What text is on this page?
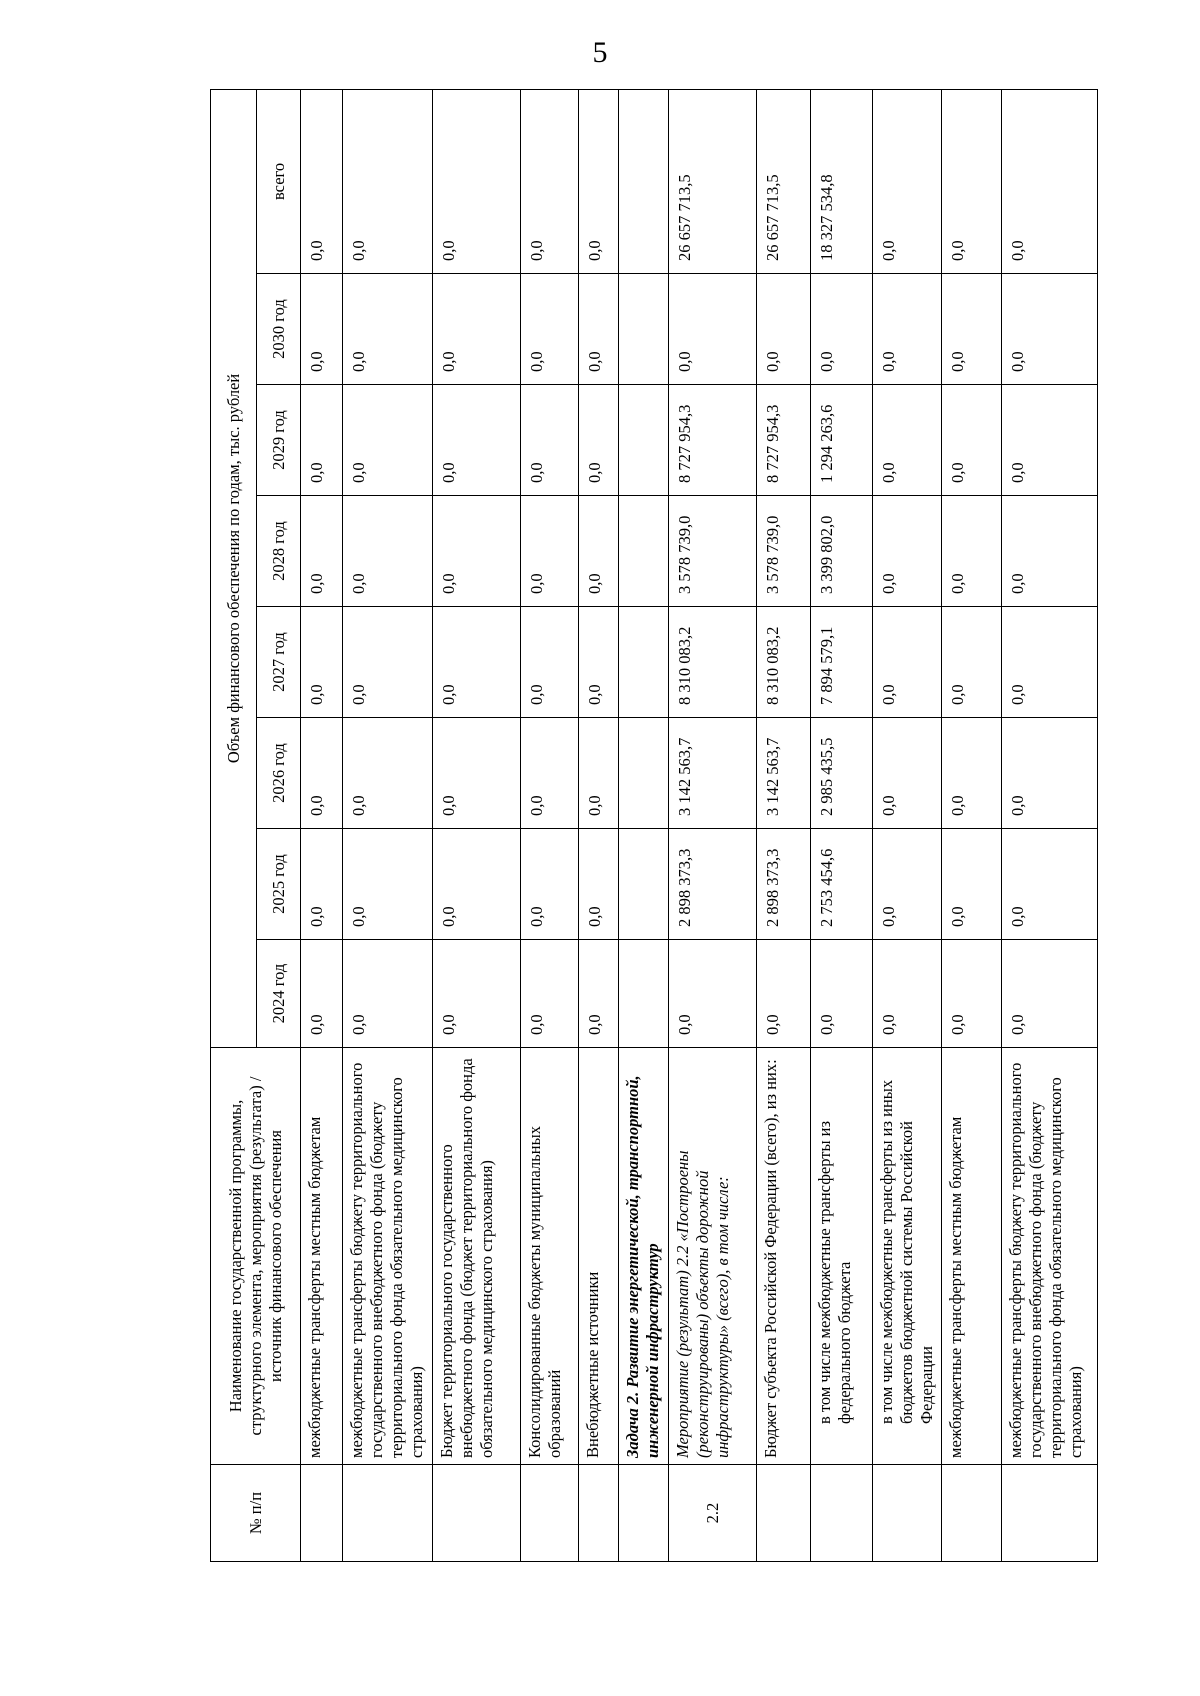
5
№ п/п	Наименование государственной программы, структурного элемента, мероприятия (результата) / источник финансового обеспечения	Объем финансового обеспечения по годам, тыс. рублей							
		2024 год	2025 год	2026 год	2027 год	2028 год	2029 год	2030 год	всего
	межбюджетные трансферты местным бюджетам	0,0	0,0	0,0	0,0	0,0	0,0	0,0	0,0
	межбюджетные трансферты бюджету территориального государственного внебюджетного фонда (бюджету территориального фонда обязательного медицинского страхования)	0,0	0,0	0,0	0,0	0,0	0,0	0,0	0,0
	Бюджет территориального государственного внебюджетного фонда (бюджет территориального фонда обязательного медицинского страхования)	0,0	0,0	0,0	0,0	0,0	0,0	0,0	0,0
	Консолидированные бюджеты муниципальных образований	0,0	0,0	0,0	0,0	0,0	0,0	0,0	0,0
	Внебюджетные источники	0,0	0,0	0,0	0,0	0,0	0,0	0,0	0,0
	Задача 2. Развитие энергетической, транспортной, инженерной инфраструктур								
2.2	Мероприятие (результат) 2.2 «Построены (реконструированы) объекты дорожной инфраструктуры» (всего), в том числе:	0,0	2 898 373,3	3 142 563,7	8 310 083,2	3 578 739,0	8 727 954,3	0,0	26 657 713,5
	Бюджет субъекта Российской Федерации (всего), из них:	0,0	2 898 373,3	3 142 563,7	8 310 083,2	3 578 739,0	8 727 954,3	0,0	26 657 713,5
	в том числе межбюджетные трансферты из федерального бюджета	0,0	2 753 454,6	2 985 435,5	7 894 579,1	3 399 802,0	1 294 263,6	0,0	18 327 534,8
	в том числе межбюджетные трансферты из иных бюджетов бюджетной системы Российской Федерации	0,0	0,0	0,0	0,0	0,0	0,0	0,0	0,0
	межбюджетные трансферты местным бюджетам	0,0	0,0	0,0	0,0	0,0	0,0	0,0	0,0
	межбюджетные трансферты бюджету территориального государственного внебюджетного фонда (бюджету территориального фонда обязательного медицинского страхования)	0,0	0,0	0,0	0,0	0,0	0,0	0,0	0,0
